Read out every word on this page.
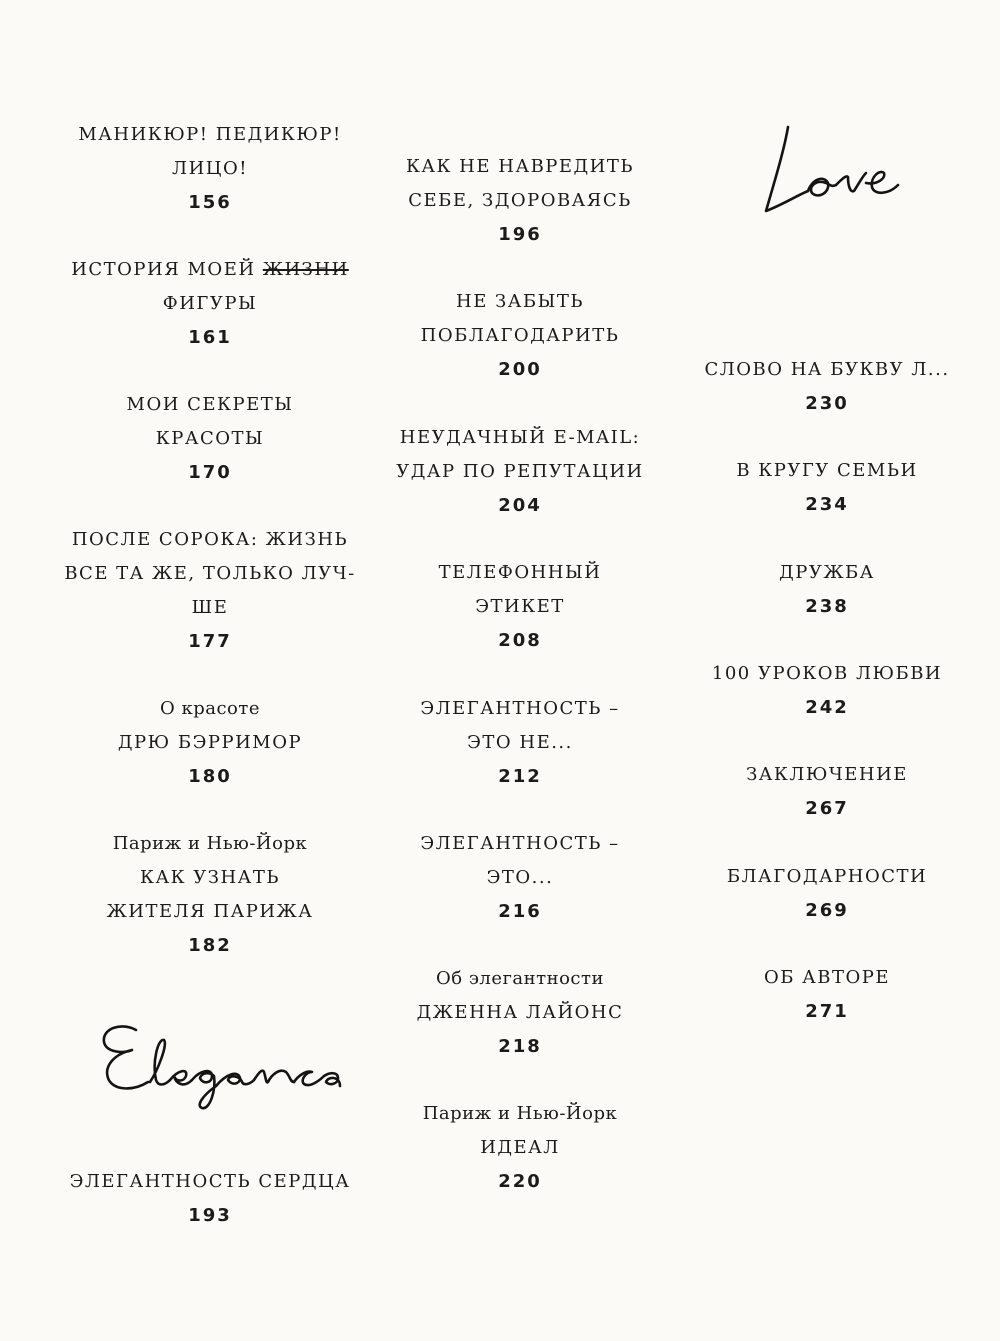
МАНИКЮР! ПЕДИКЮР!
ЛИЦО!
156
ИСТОРИЯ МОЕЙ ЖИЗНИ
ФИГУРЫ
161
МОИ СЕКРЕТЫ
КРАСОТЫ
170
ПОСЛЕ СОРОКА: ЖИЗНЬ
ВСЕ ТА ЖЕ, ТОЛЬКО ЛУЧ-
ШЕ
177
О красоте
ДРЮ БЭРРИМОР
180
Париж и Нью-Йорк
КАК УЗНАТЬ
ЖИТЕЛЯ ПАРИЖА
182
ЭЛЕГАНТНОСТЬ СЕРДЦА
193
КАК НЕ НАВРЕДИТЬ
СЕБЕ, ЗДОРОВАЯСЬ
196
НЕ ЗАБЫТЬ
ПОБЛАГОДАРИТЬ
200
НЕУДАЧНЫЙ E-MAIL:
УДАР ПО РЕПУТАЦИИ
204
ТЕЛЕФОННЫЙ
ЭТИКЕТ
208
ЭЛЕГАНТНОСТЬ –
ЭТО НЕ...
212
ЭЛЕГАНТНОСТЬ –
ЭТО...
216
Об элегантности
ДЖЕННА ЛАЙОНС
218
Париж и Нью-Йорк
ИДЕАЛ
220
СЛОВО НА БУКВУ Л...
230
В КРУГУ СЕМЬИ
234
ДРУЖБА
238
100 УРОКОВ ЛЮБВИ
242
ЗАКЛЮЧЕНИЕ
267
БЛАГОДАРНОСТИ
269
ОБ АВТОРЕ
271
